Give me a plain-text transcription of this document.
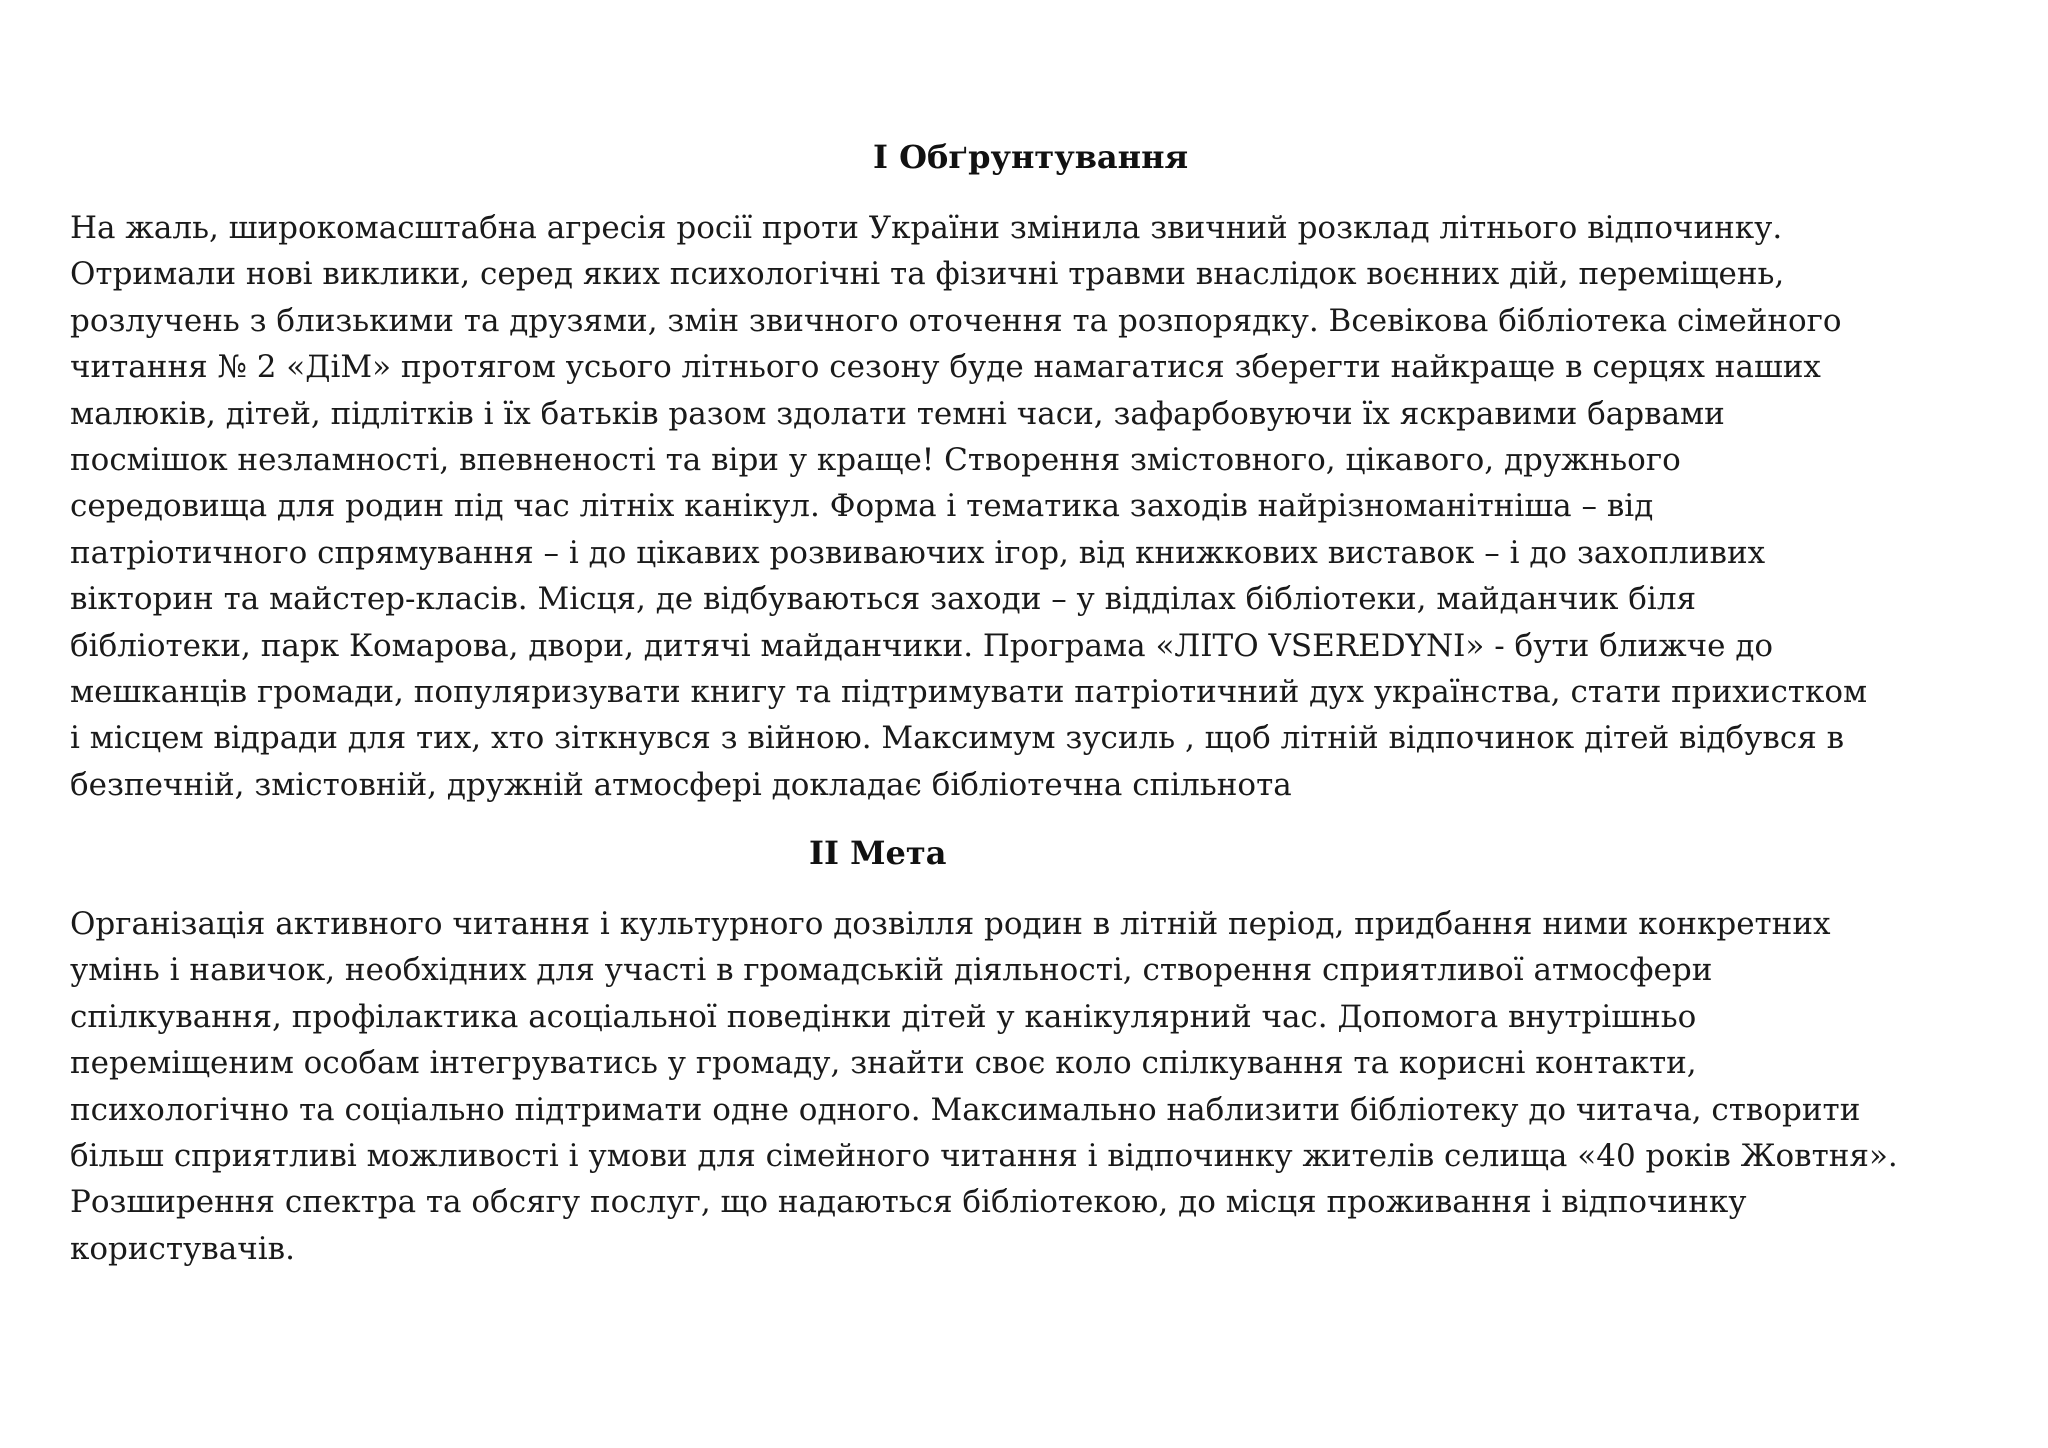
I Обґрунтування
На жаль, широкомасштабна агресія росії проти України змінила звичний розклад літнього відпочинку.
Отримали нові виклики, серед яких психологічні та фізичні травми внаслідок воєнних дій, переміщень,
розлучень з близькими та друзями, змін звичного оточення та розпорядку. Всевікова бібліотека сімейного
читання № 2 «ДіМ» протягом усього літнього сезону буде намагатися зберегти найкраще в серцях наших
малюків, дітей, підлітків і їх батьків разом здолати темні часи, зафарбовуючи їх яскравими барвами
посмішок незламності, впевненості та віри у краще! Створення змістовного, цікавого, дружнього
середовища для родин під час літніх канікул. Форма і тематика заходів найрізноманітніша – від
патріотичного спрямування – і до цікавих розвиваючих ігор, від книжкових виставок – і до захопливих
вікторин та майстер-класів. Місця, де відбуваються заходи – у відділах бібліотеки, майданчик біля
бібліотеки, парк Комарова, двори, дитячі майданчики. Програма «ЛІТО VSEREDYNI» - бути ближче до
мешканців громади, популяризувати книгу та підтримувати патріотичний дух українства, стати прихистком
і місцем відради для тих, хто зіткнувся з війною. Максимум зусиль , щоб літній відпочинок дітей відбувся в
безпечній, змістовній, дружній атмосфері докладає бібліотечна спільнота
II Мета
Організація активного читання і культурного дозвілля родин в літній період, придбання ними конкретних
умінь і навичок, необхідних для участі в громадській діяльності, створення сприятливої атмосфери
спілкування, профілактика асоціальної поведінки дітей у канікулярний час. Допомога внутрішньо
переміщеним особам інтегруватись у громаду, знайти своє коло спілкування та корисні контакти,
психологічно та соціально підтримати одне одного. Максимально наблизити бібліотеку до читача, створити
більш сприятливі можливості і умови для сімейного читання і відпочинку жителів селища «40 років Жовтня».
Розширення спектра та обсягу послуг, що надаються бібліотекою, до місця проживання і відпочинку
користувачів.
